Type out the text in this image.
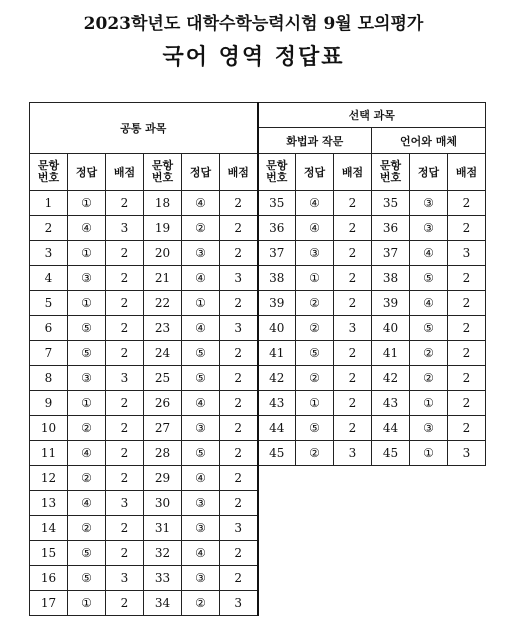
2023학년도 대학수학능력시험 9월 모의평가
국어 영역 정답표
공통 과목						선택 과목					
						화법과 작문			언어와 매체		
문항
번호	정답	배점	문항
번호	정답	배점	문항
번호	정답	배점	문항
번호	정답	배점
1	①	2	18	④	2	35	④	2	35	③	2
2	④	3	19	②	2	36	④	2	36	③	2
3	①	2	20	③	2	37	③	2	37	④	3
4	③	2	21	④	3	38	①	2	38	⑤	2
5	①	2	22	①	2	39	②	2	39	④	2
6	⑤	2	23	④	3	40	②	3	40	⑤	2
7	⑤	2	24	⑤	2	41	⑤	2	41	②	2
8	③	3	25	⑤	2	42	②	2	42	②	2
9	①	2	26	④	2	43	①	2	43	①	2
10	②	2	27	③	2	44	⑤	2	44	③	2
11	④	2	28	⑤	2	45	②	3	45	①	3
12	②	2	29	④	2						
13	④	3	30	③	2						
14	②	2	31	③	3						
15	⑤	2	32	④	2						
16	⑤	3	33	③	2						
17	①	2	34	②	3						
